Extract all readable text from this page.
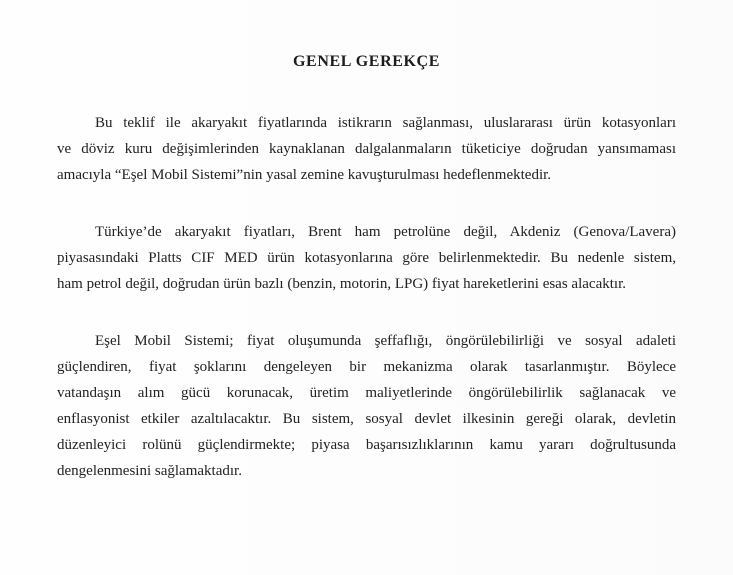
GENEL GEREKÇE
Bu teklif ile akaryakıt fiyatlarında istikrarın sağlanması, uluslararası ürün kotasyonları
ve döviz kuru değişimlerinden kaynaklanan dalgalanmaların tüketiciye doğrudan yansımaması
amacıyla “Eşel Mobil Sistemi”nin yasal zemine kavuşturulması hedeflenmektedir.
Türkiye’de akaryakıt fiyatları, Brent ham petrolüne değil, Akdeniz (Genova/Lavera)
piyasasındaki Platts CIF MED ürün kotasyonlarına göre belirlenmektedir. Bu nedenle sistem,
ham petrol değil, doğrudan ürün bazlı (benzin, motorin, LPG) fiyat hareketlerini esas alacaktır.
Eşel Mobil Sistemi; fiyat oluşumunda şeffaflığı, öngörülebilirliği ve sosyal adaleti
güçlendiren, fiyat şoklarını dengeleyen bir mekanizma olarak tasarlanmıştır. Böylece
vatandaşın alım gücü korunacak, üretim maliyetlerinde öngörülebilirlik sağlanacak ve
enflasyonist etkiler azaltılacaktır. Bu sistem, sosyal devlet ilkesinin gereği olarak, devletin
düzenleyici rolünü güçlendirmekte; piyasa başarısızlıklarının kamu yararı doğrultusunda
dengelenmesini sağlamaktadır.
